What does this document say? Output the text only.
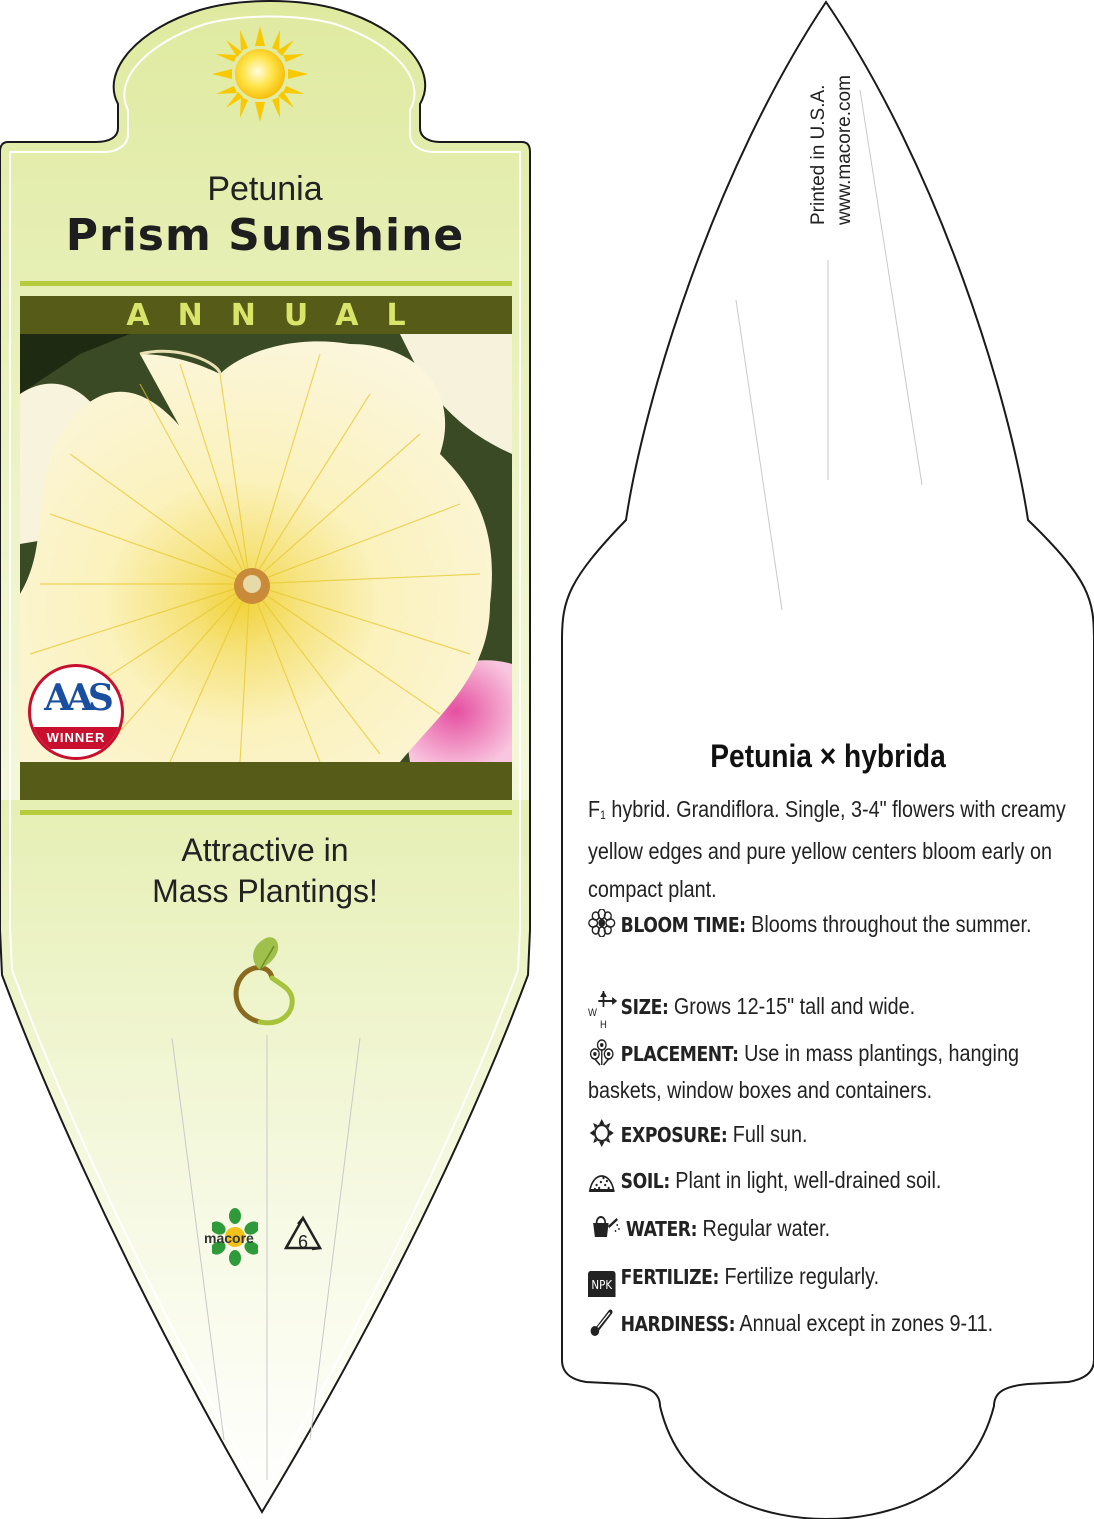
Petunia
Prism Sunshine
ANNUAL
AAS
WINNER
Attractive in
Mass Plantings!
macore 6
Printed in U.S.A. www.macore.com
Petunia × hybrida
$F_1$ hybrid. Grandiflora. Single, 3-4" flowers with creamy yellow edges and pure yellow centers bloom early on compact plant.
BLOOM TIME: Blooms throughout the summer.
W
H
SIZE: Grows 12-15" tall and wide.
PLACEMENT: Use in mass plantings, hanging baskets, window boxes and containers.
EXPOSURE: Full sun.
SOIL: Plant in light, well-drained soil.
WATER: Regular water.
NPK FERTILIZE: Fertilize regularly.
HARDINESS: Annual except in zones 9-11.
